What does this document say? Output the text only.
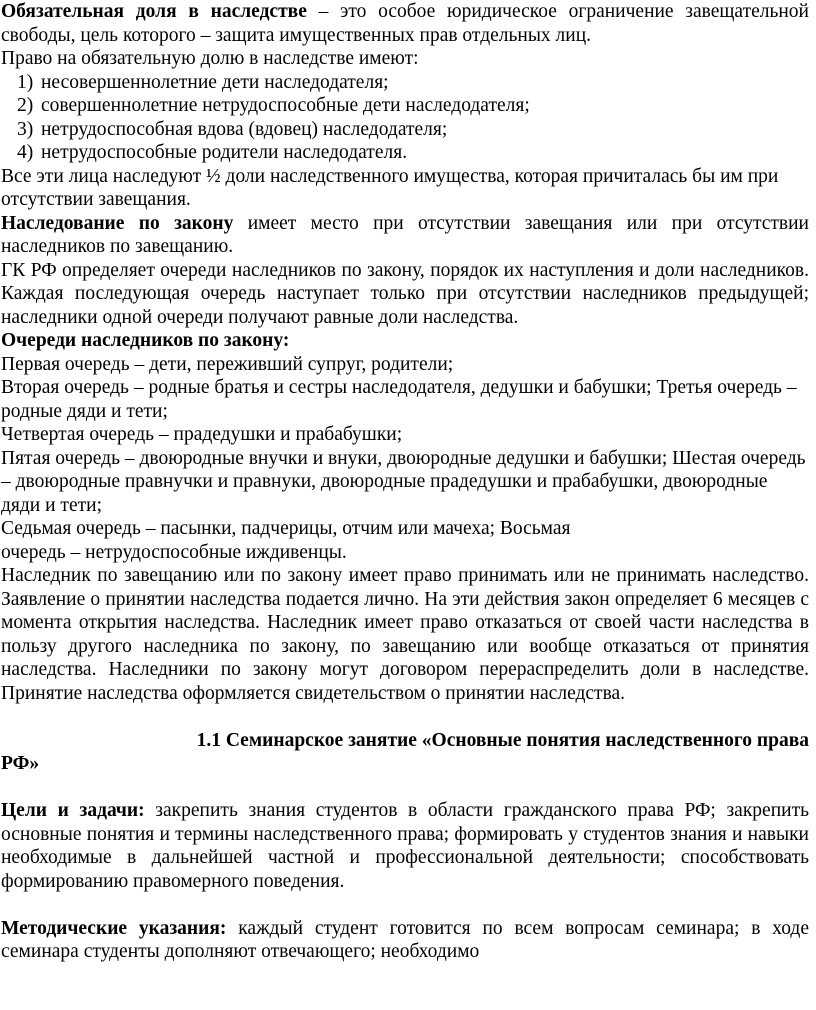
Обязательная доля в наследстве – это особое юридическое ограничение завещательной свободы, цель которого – защита имущественных прав отдельных лиц.

Право на обязательную долю в наследстве имеют:

1) несовершеннолетние дети наследодателя;
2) совершеннолетние нетрудоспособные дети наследодателя;
3) нетрудоспособная вдова (вдовец) наследодателя;
4) нетрудоспособные родители наследодателя.

Все эти лица наследуют ½ доли наследственного имущества, которая причиталась бы им при отсутствии завещания.

Наследование по закону имеет место при отсутствии завещания или при отсутствии наследников по завещанию.

ГК РФ определяет очереди наследников по закону, порядок их наступления и доли наследников. Каждая последующая очередь наступает только при отсутствии наследников предыдущей; наследники одной очереди получают равные доли наследства.

Очереди наследников по закону:

Первая очередь – дети, переживший супруг, родители;

Вторая очередь – родные братья и сестры наследодателя, дедушки и бабушки; Третья очередь – родные дяди и тети;

Четвертая очередь – прадедушки и прабабушки;

Пятая очередь – двоюродные внучки и внуки, двоюродные дедушки и бабушки; Шестая очередь – двоюродные правнучки и правнуки, двоюродные прадедушки и прабабушки, двоюродные дяди и тети;

Седьмая очередь – пасынки, падчерицы, отчим или мачеха; Восьмая

очередь – нетрудоспособные иждивенцы.

Наследник по завещанию или по закону имеет право принимать или не принимать наследство. Заявление о принятии наследства подается лично. На эти действия закон определяет 6 месяцев с момента открытия наследства. Наследник имеет право отказаться от своей части наследства в пользу другого наследника по закону, по завещанию или вообще отказаться от принятия наследства. Наследники по закону могут договором перераспределить доли в наследстве. Принятие наследства оформляется свидетельством о принятии наследства.

1.1 Семинарское занятие «Основные понятия наследственного права

РФ»

Цели и задачи: закрепить знания студентов в области гражданского права РФ; закрепить основные понятия и термины наследственного права; формировать у студентов знания и навыки необходимые в дальнейшей частной и профессиональной деятельности; способствовать формированию правомерного поведения.

Методические указания: каждый студент готовится по всем вопросам семинара; в ходе семинара студенты дополняют отвечающего; необходимо
